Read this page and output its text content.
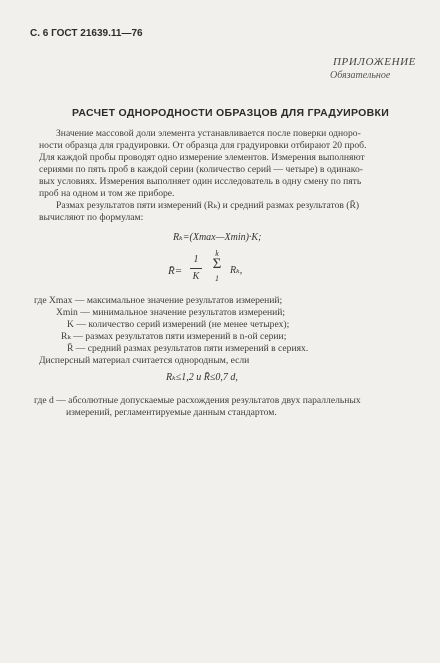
С. 6 ГОСТ 21639.11—76
ПРИЛОЖЕНИЕ
Обязательное
РАСЧЕТ ОДНОРОДНОСТИ ОБРАЗЦОВ ДЛЯ ГРАДУИРОВКИ
Значение массовой доли элемента устанавливается после поверки одноро-
ности образца для градуировки. От образца для градуировки отбирают 20 проб.
Для каждой пробы проводят одно измерение элементов. Измерения выполняют
сериями по пять проб в каждой серии (количество серий — четыре) в одинако-
вых условиях. Измерения выполняет один исследователь в одну смену по пять
проб на одном и том же приборе.
Размах результатов пяти измерений (Rₖ) и средний размах результатов (R̄)
вычисляют по формулам:
Rₖ=(Xmax—Xmin)·K;
R̄=
1
K
k
Σ
1
Rₖ,
где Xmax — максимальное значение результатов измерений;
Xmin — минимальное значение результатов измерений;
K — количество серий измерений (не менее четырех);
Rₖ — размах результатов пяти измерений в n-ой серии;
R̄ — средний размах результатов пяти измерений в сериях.
Дисперсный материал считается однородным, если
Rₖ≤1,2 и R̄≤0,7 d,
где d — абсолютные допускаемые расхождения результатов двух параллельных
измерений, регламентируемые данным стандартом.
